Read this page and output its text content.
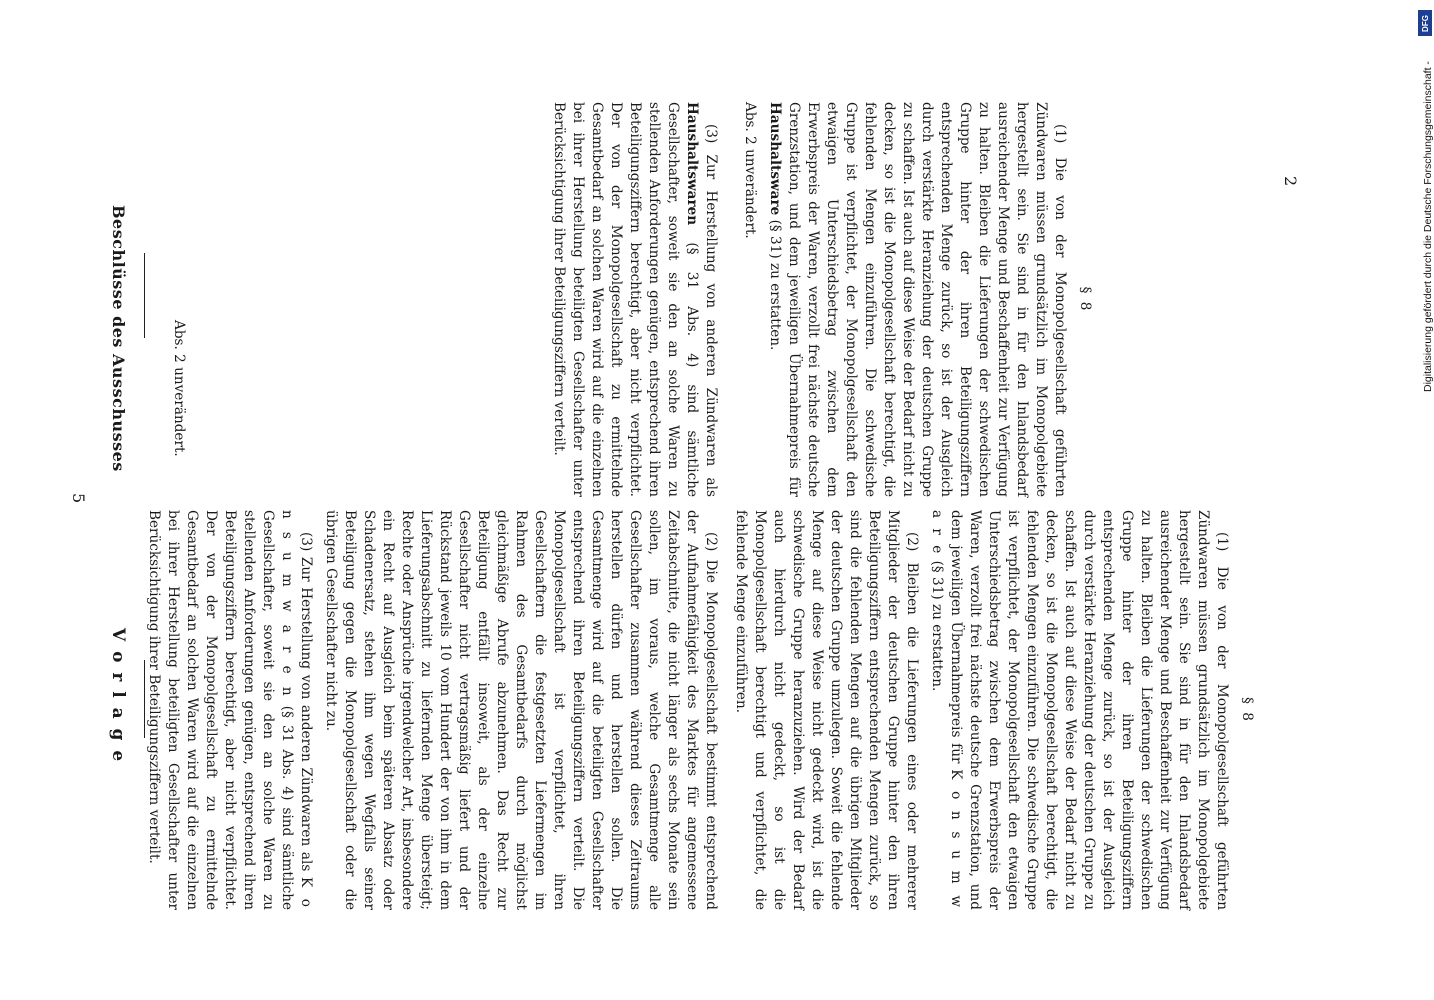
5
V o r l a g e
Beschlüsse des Ausschusses

(2) Die Monopolgesellschaft bestimmt entsprechend der Aufnahmefähigkeit des Marktes für angemessene Zeitabschnitte, die nicht länger als sechs Monate sein sollen, im voraus, welche Gesamtmenge alle Gesellschafter zusammen während dieses Zeitraums herstellen dürfen und herstellen sollen. Die Gesamtmenge wird auf die beteiligten Gesellschafter entsprechend ihren Beteiligungsziffern verteilt. Die Monopolgesellschaft ist verpflichtet, ihren Gesellschaftern die festgesetzten Liefermengen im Rahmen des Gesamtbedarfs durch möglichst gleichmäßige Abrufe abzunehmen. Das Recht zur Beteiligung entfällt insoweit, als der einzelne Gesellschafter nicht vertragsmäßig liefert und der Rückstand jeweils 10 vom Hundert der von ihm in dem Lieferungsabschnitt zu liefernden Menge übersteigt; Rechte oder Ansprüche irgendwelcher Art, insbesondere ein Recht auf Ausgleich beim späteren Absatz oder Schadenersatz, stehen ihm wegen Wegfalls seiner Beteiligung gegen die Monopolgesellschaft oder die übrigen Gesellschafter nicht zu.

(3) Zur Herstellung von anderen Zündwaren als K o n s u m w a r e n (§ 31 Abs. 4) sind sämtliche Gesellschafter, soweit sie den an solche Waren zu stellenden Anforderungen genügen, entsprechend ihren Beteiligungsziffern berechtigt, aber nicht verpflichtet. Der von der Monopolgesellschaft zu ermittelnde Gesamtbedarf an solchen Waren wird auf die einzelnen bei ihrer Herstellung beteiligten Gesellschafter unter Berücksichtigung ihrer Beteiligungsziffern verteilt.	§ 8

(1) Die von der Monopolgesellschaft geführten Zündwaren müssen grundsätzlich im Monopolgebiete hergestellt sein. Sie sind in für den Inlandsbedarf ausreichender Menge und Beschaffenheit zur Verfügung zu halten. Bleiben die Lieferungen der schwedischen Gruppe hinter der ihren Beteiligungsziffern entsprechenden Menge zurück, so ist der Ausgleich durch verstärkte Heranziehung der deutschen Gruppe zu schaffen. Ist auch auf diese Weise der Bedarf nicht zu decken, so ist die Monopolgesellschaft berechtigt, die fehlenden Mengen einzuführen. Die schwedische Gruppe ist verpflichtet, der Monopolgesellschaft den etwaigen Unterschiedsbetrag zwischen dem Erwerbspreis der Waren, verzollt frei nächste deutsche Grenzstation, und dem jeweiligen Übernahmepreis für K o n s u m w a r e (§ 31) zu erstatten.

(2) Bleiben die Lieferungen eines oder mehrerer Mitglieder der deutschen Gruppe hinter den ihren Beteiligungsziffern entsprechenden Mengen zurück, so sind die fehlenden Mengen auf die übrigen Mitglieder der deutschen Gruppe umzulegen. Soweit die fehlende Menge auf diese Weise nicht gedeckt wird, ist die schwedische Gruppe heranzuziehen. Wird der Bedarf auch hierdurch nicht gedeckt, so ist die Monopolgesellschaft berechtigt und verpflichtet, die fehlende Menge einzuführen.

Abs. 2 unverändert.	(3) Zur Herstellung von anderen Zündwaren als Haushaltswaren (§ 31 Abs. 4) sind sämtliche Gesellschafter, soweit sie den an solche Waren zu stellenden Anforderungen genügen, entsprechend ihren Beteiligungsziffern berechtigt, aber nicht verpflichtet. Der von der Monopolgesellschaft zu ermittelnde Gesamtbedarf an solchen Waren wird auf die einzelnen bei ihrer Herstellung beteiligten Gesellschafter unter Berücksichtigung ihrer Beteiligungsziffern verteilt.	§ 8

(1) Die von der Monopolgesellschaft geführten Zündwaren müssen grundsätzlich im Monopolgebiete hergestellt sein. Sie sind in für den Inlandsbedarf ausreichender Menge und Beschaffenheit zur Verfügung zu halten. Bleiben die Lieferungen der schwedischen Gruppe hinter der ihren Beteiligungsziffern entsprechenden Menge zurück, so ist der Ausgleich durch verstärkte Heranziehung der deutschen Gruppe zu schaffen. Ist auch auf diese Weise der Bedarf nicht zu decken, so ist die Monopolgesellschaft berechtigt, die fehlenden Mengen einzuführen. Die schwedische Gruppe ist verpflichtet, der Monopolgesellschaft den etwaigen Unterschiedsbetrag zwischen dem Erwerbspreis der Waren, verzollt frei nächste deutsche Grenzstation, und dem jeweiligen Übernahmepreis für Haushaltsware (§ 31) zu erstatten.

Abs. 2 unverändert.	2	Digitalisierung gefördert durch die Deutsche Forschungsgemeinschaft -
DFG
